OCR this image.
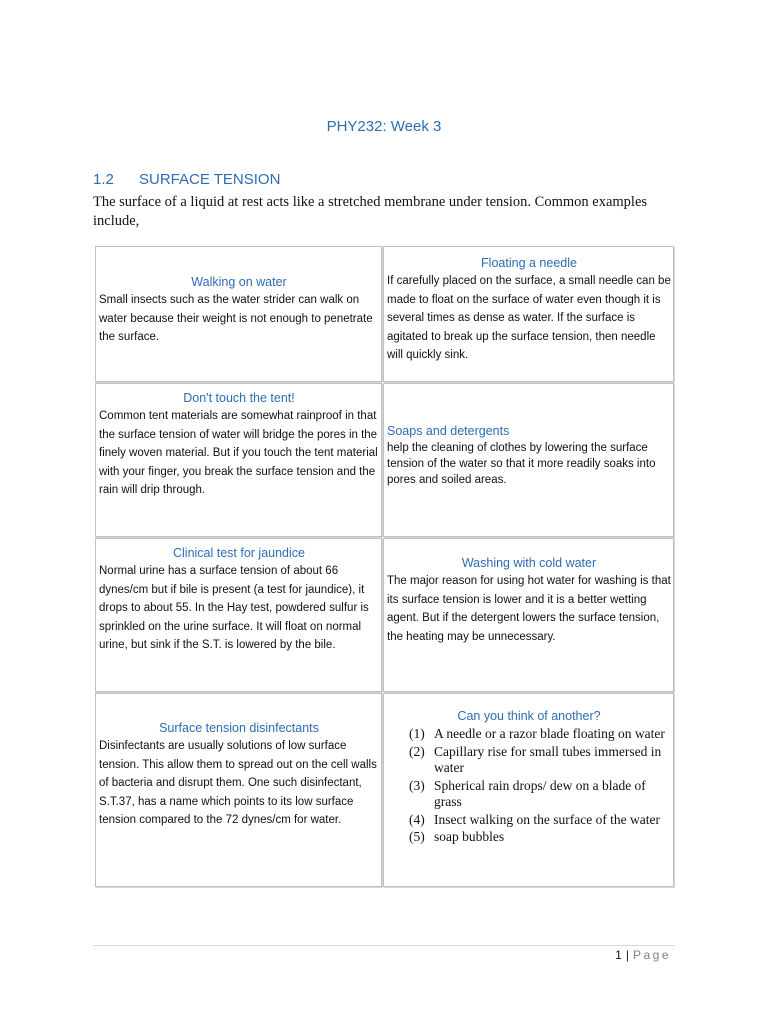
PHY232: Week 3
1.2 SURFACE TENSION
The surface of a liquid at rest acts like a stretched membrane under tension. Common examples include,
Walking on water
Small insects such as the water strider can walk on water because their weight is not enough to penetrate the surface.
Floating a needle
If carefully placed on the surface, a small needle can be made to float on the surface of water even though it is several times as dense as water. If the surface is agitated to break up the surface tension, then needle will quickly sink.
Don't touch the tent!
Common tent materials are somewhat rainproof in that the surface tension of water will bridge the pores in the finely woven material. But if you touch the tent material with your finger, you break the surface tension and the rain will drip through.
Soaps and detergents
help the cleaning of clothes by lowering the surface tension of the water so that it more readily soaks into pores and soiled areas.
Clinical test for jaundice
Normal urine has a surface tension of about 66 dynes/cm but if bile is present (a test for jaundice), it drops to about 55. In the Hay test, powdered sulfur is sprinkled on the urine surface. It will float on normal urine, but sink if the S.T. is lowered by the bile.
Washing with cold water
The major reason for using hot water for washing is that its surface tension is lower and it is a better wetting agent. But if the detergent lowers the surface tension, the heating may be unnecessary.
Surface tension disinfectants
Disinfectants are usually solutions of low surface tension. This allow them to spread out on the cell walls of bacteria and disrupt them. One such disinfectant, S.T.37, has a name which points to its low surface tension compared to the 72 dynes/cm for water.
Can you think of another?
(1) A needle or a razor blade floating on water
(2) Capillary rise for small tubes immersed in water
(3) Spherical rain drops/ dew on a blade of grass
(4) Insect walking on the surface of the water
(5) soap bubbles
1 | Page
